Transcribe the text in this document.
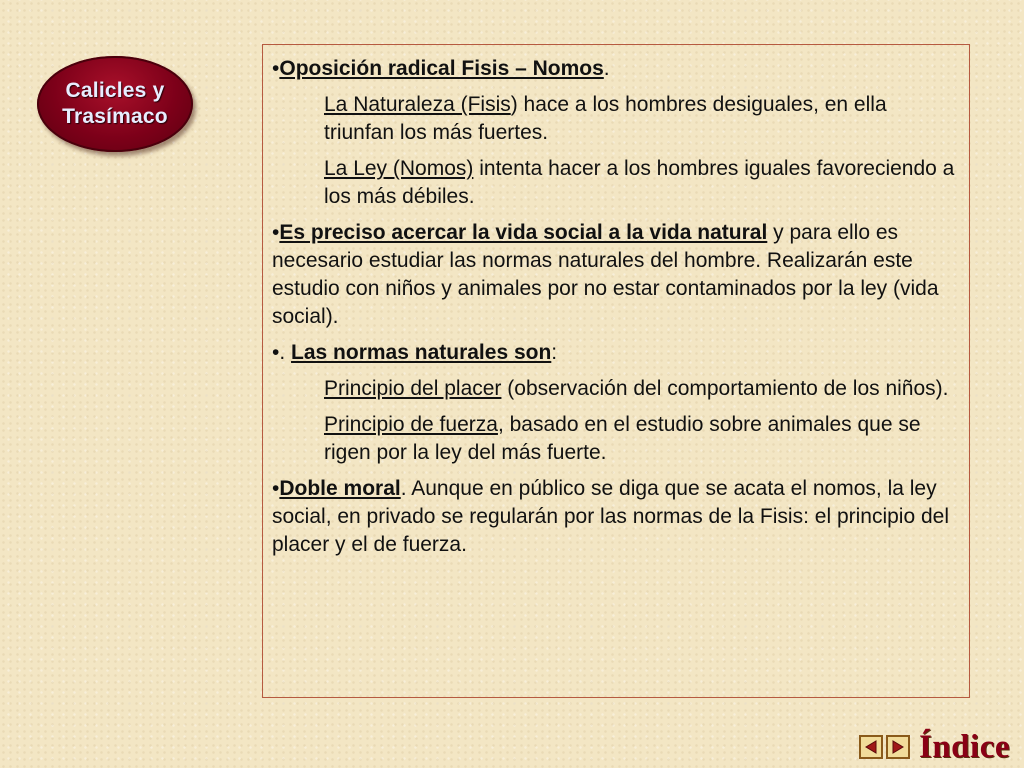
Calicles y
Trasímaco

•Oposición radical Fisis – Nomos.

La Naturaleza (Fisis) hace a los hombres desiguales, en ella triunfan los más fuertes.

La Ley (Nomos) intenta hacer a los hombres iguales favoreciendo a los más débiles.

•Es preciso acercar la vida social a la vida natural y para ello es necesario estudiar las normas naturales del hombre. Realizarán este estudio con niños y animales por no estar contaminados por la ley (vida social).

•. Las normas naturales son:

Principio del placer (observación del comportamiento de los niños).

Principio de fuerza, basado en el estudio sobre animales que se rigen por la ley del más fuerte.

•Doble moral. Aunque en público se diga que se acata el nomos, la ley social, en privado se regularán por las normas de la Fisis: el principio del placer y el de fuerza.

Índice
